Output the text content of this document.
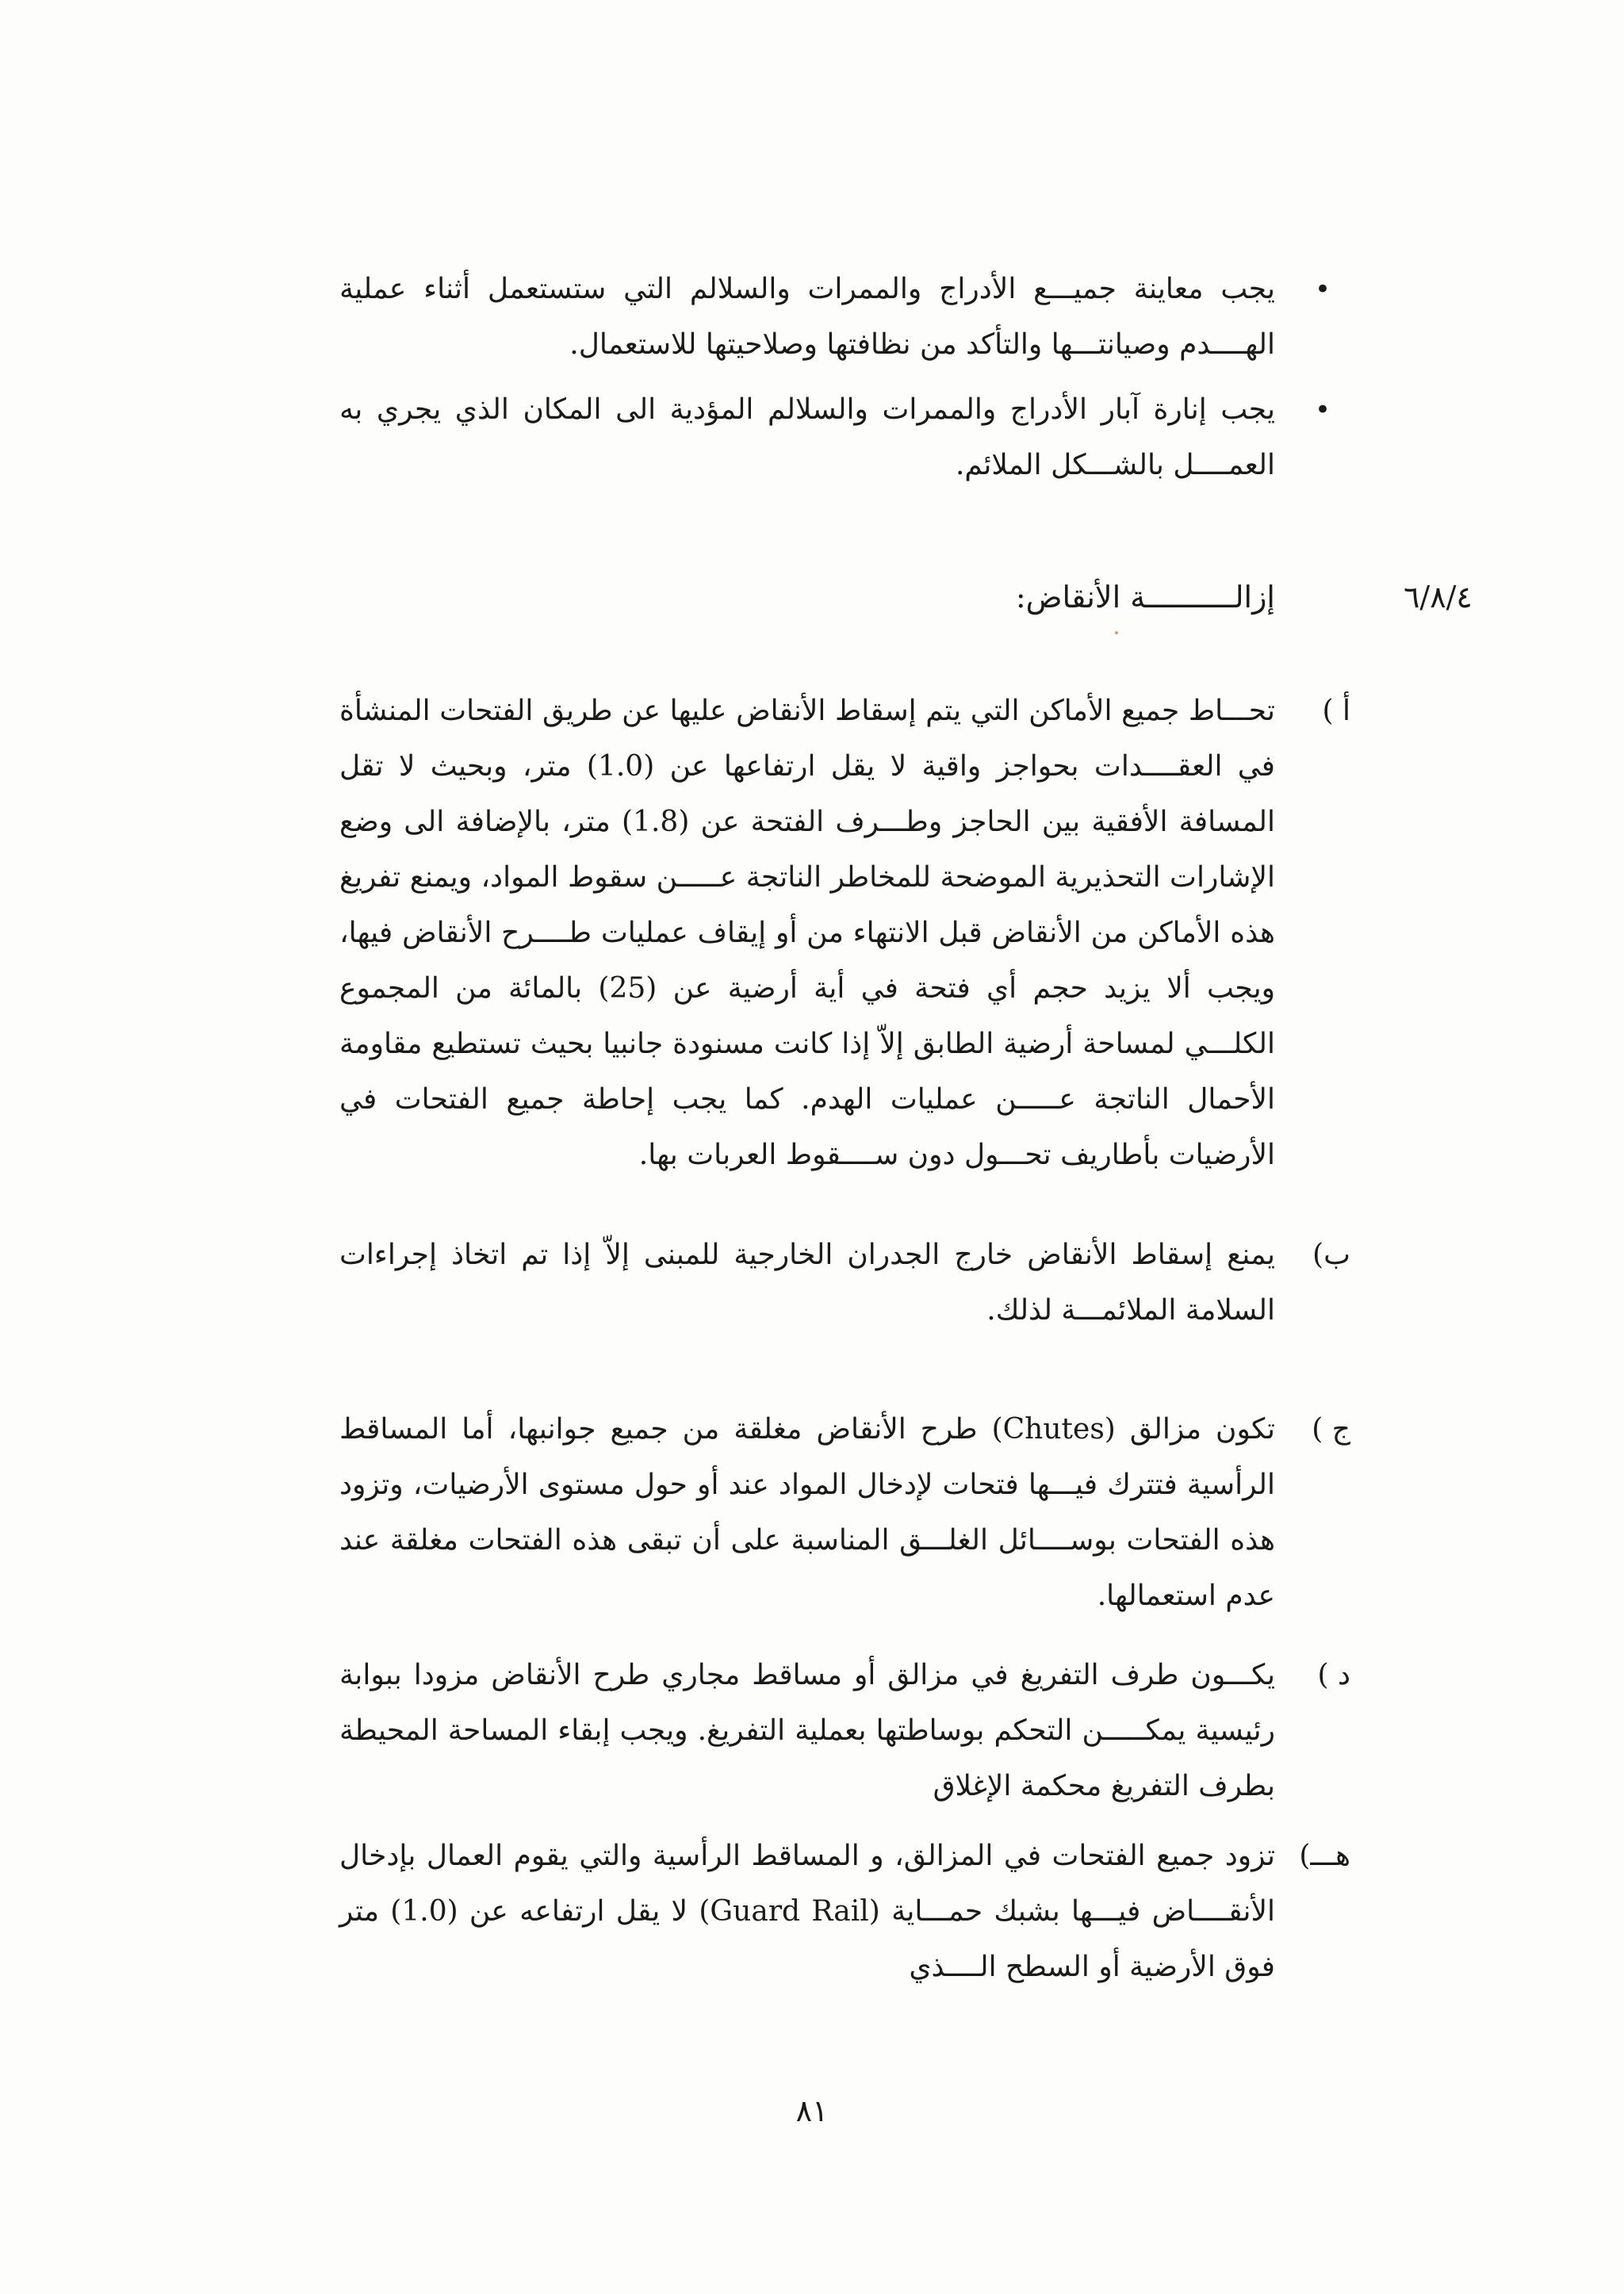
•
يجب معاينة جميـــع الأدراج والممرات والسلالم التي ستستعمل أثناء عملية الهــــدم وصيانتـــها والتأكد من نظافتها وصلاحيتها للاستعمال.
•
يجب إنارة آبار الأدراج والممرات والسلالم المؤدية الى المكان الذي يجري به العمــــل بالشـــكل الملائم.
٦/٨/٤
إزالــــــــــة الأنقاض:
أ )
تحـــاط جميع الأماكن التي يتم إسقاط الأنقاض عليها عن طريق الفتحات المنشأة في العقــــدات بحواجز واقية لا يقل ارتفاعها عن (1.0) متر، وبحيث لا تقل المسافة الأفقية بين الحاجز وطـــرف الفتحة عن (1.8) متر، بالإضافة الى وضع الإشارات التحذيرية الموضحة للمخاطر الناتجة عـــــن سقوط المواد، ويمنع تفريغ هذه الأماكن من الأنقاض قبل الانتهاء من أو إيقاف عمليات طــــرح الأنقاض فيها، ويجب ألا يزيد حجم أي فتحة في أية أرضية عن (25) بالمائة من المجموع الكلـــي لمساحة أرضية الطابق إلاّ إذا كانت مسنودة جانبيا بحيث تستطيع مقاومة الأحمال الناتجة عـــــن عمليات الهدم. كما يجب إحاطة جميع الفتحات في الأرضيات بأطاريف تحـــول دون ســــقوط العربات بها.
ب)
يمنع إسقاط الأنقاض خارج الجدران الخارجية للمبنى إلاّ إذا تم اتخاذ إجراءات السلامة الملائمـــة لذلك.
ج )
تكون مزالق (Chutes) طرح الأنقاض مغلقة من جميع جوانبها، أما المساقط الرأسية فتترك فيـــها فتحات لإدخال المواد عند أو حول مستوى الأرضيات، وتزود هذه الفتحات بوســــائل الغلـــق المناسبة على أن تبقى هذه الفتحات مغلقة عند عدم استعمالها.
د )
يكـــون طرف التفريغ في مزالق أو مساقط مجاري طرح الأنقاض مزودا ببوابة رئيسية يمكـــــن التحكم بوساطتها بعملية التفريغ. ويجب إبقاء المساحة المحيطة بطرف التفريغ محكمة الإغلاق
هـــ)
تزود جميع الفتحات في المزالق، و المساقط الرأسية والتي يقوم العمال بإدخال الأنقــــاض فيـــها بشبك حمـــاية (Guard Rail) لا يقل ارتفاعه عن (1.0) متر فوق الأرضية أو السطح الــــذي
٨١
